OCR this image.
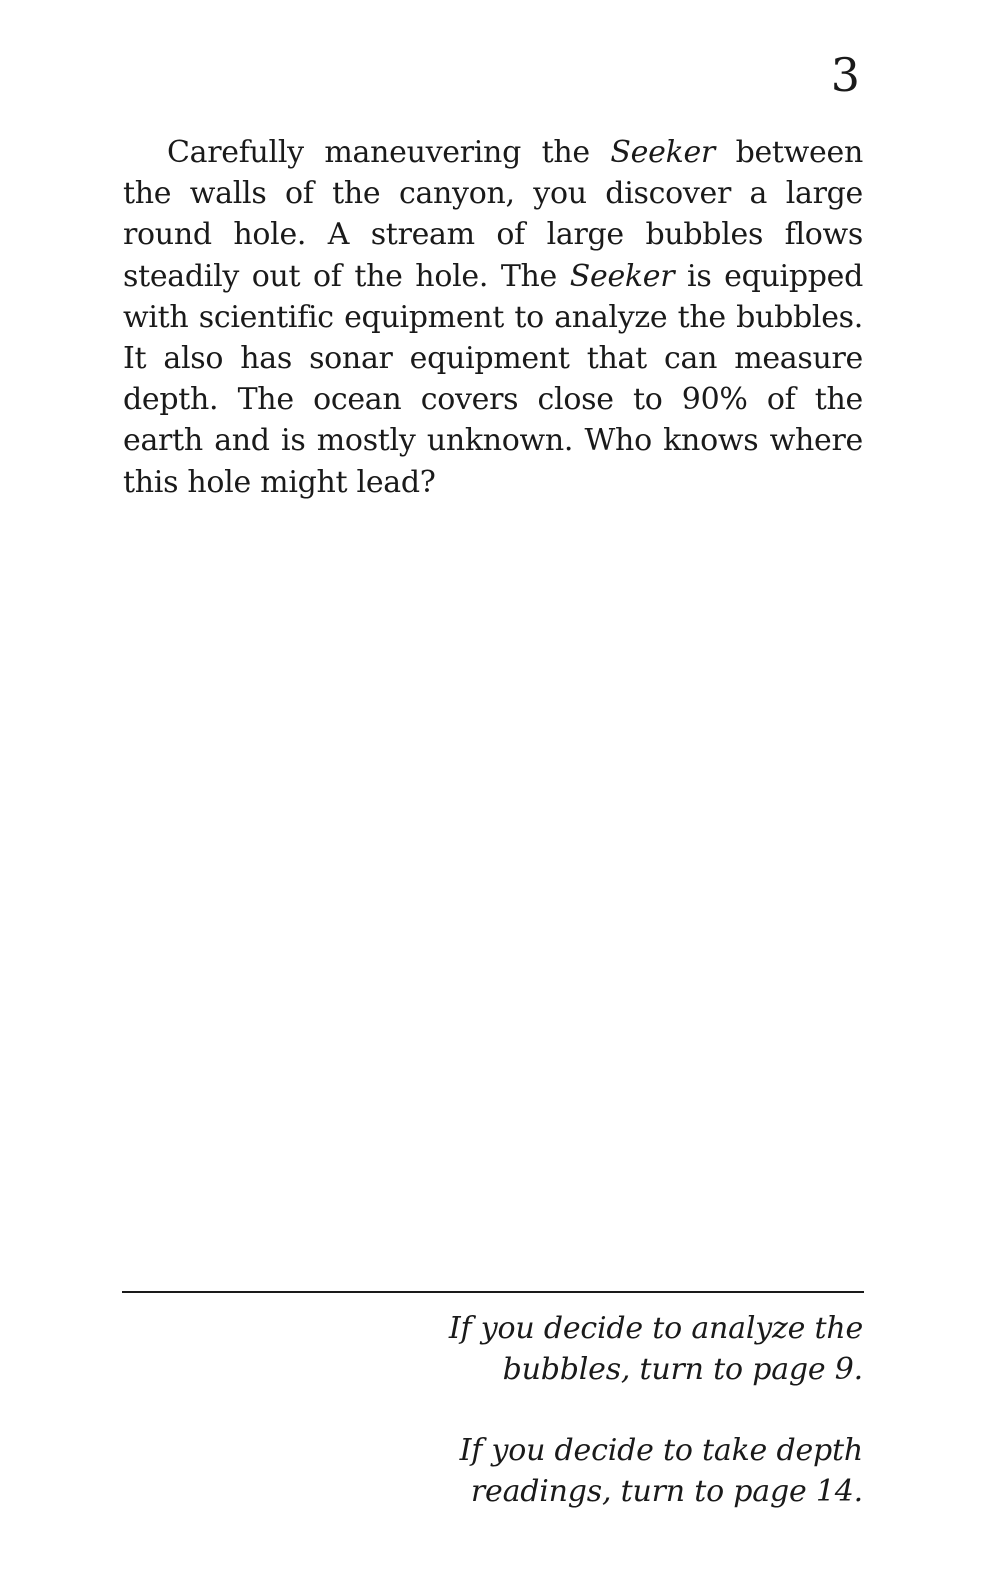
3

Carefully maneuvering the Seeker between the walls of the canyon, you discover a large round hole. A stream of large bubbles flows steadily out of the hole. The Seeker is equipped with scientific equipment to analyze the bubbles. It also has sonar equipment that can measure depth. The ocean covers close to 90% of the earth and is mostly unknown. Who knows where this hole might lead?

If you decide to analyze the
bubbles, turn to page 9.
If you decide to take depth
readings, turn to page 14.
